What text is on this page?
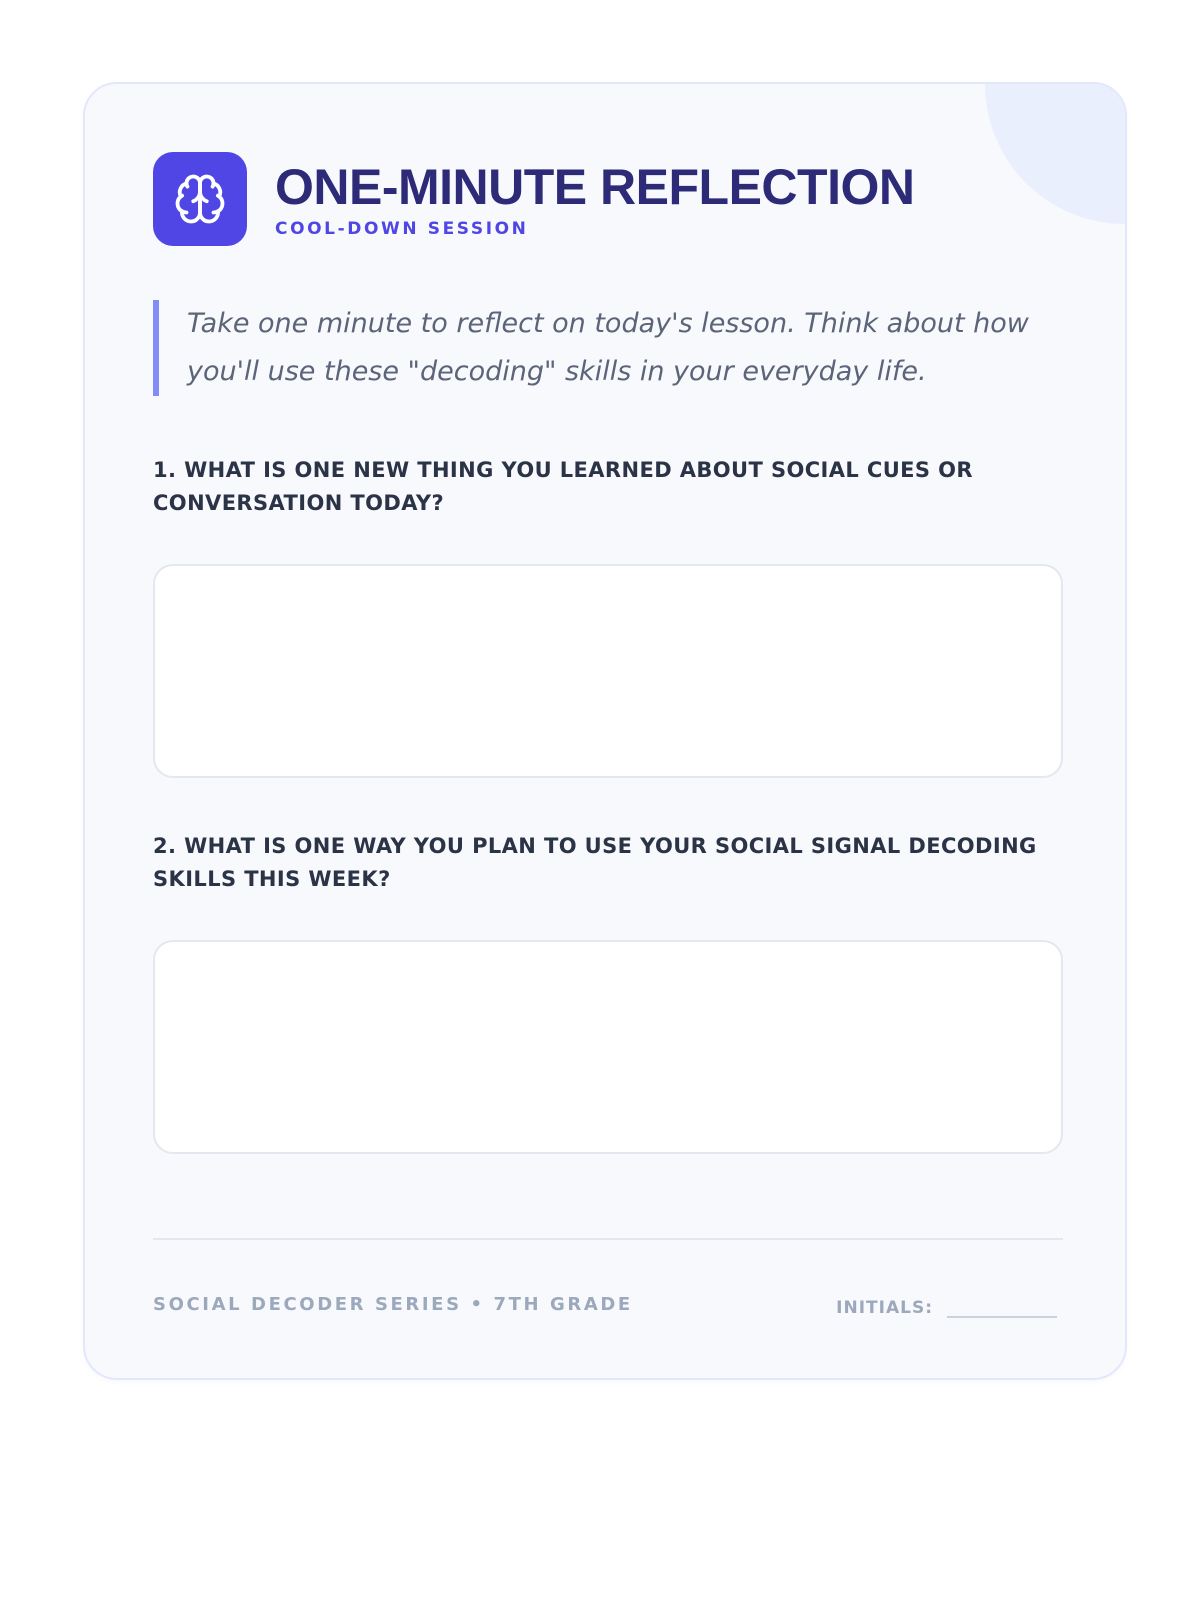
ONE-MINUTE REFLECTION
COOL-DOWN SESSION

Take one minute to reflect on today's lesson. Think about how you'll use these "decoding" skills in your everyday life.

1. WHAT IS ONE NEW THING YOU LEARNED ABOUT SOCIAL CUES OR CONVERSATION TODAY?
2. WHAT IS ONE WAY YOU PLAN TO USE YOUR SOCIAL SIGNAL DECODING SKILLS THIS WEEK?
SOCIAL DECODER SERIES • 7TH GRADE	INITIALS:
